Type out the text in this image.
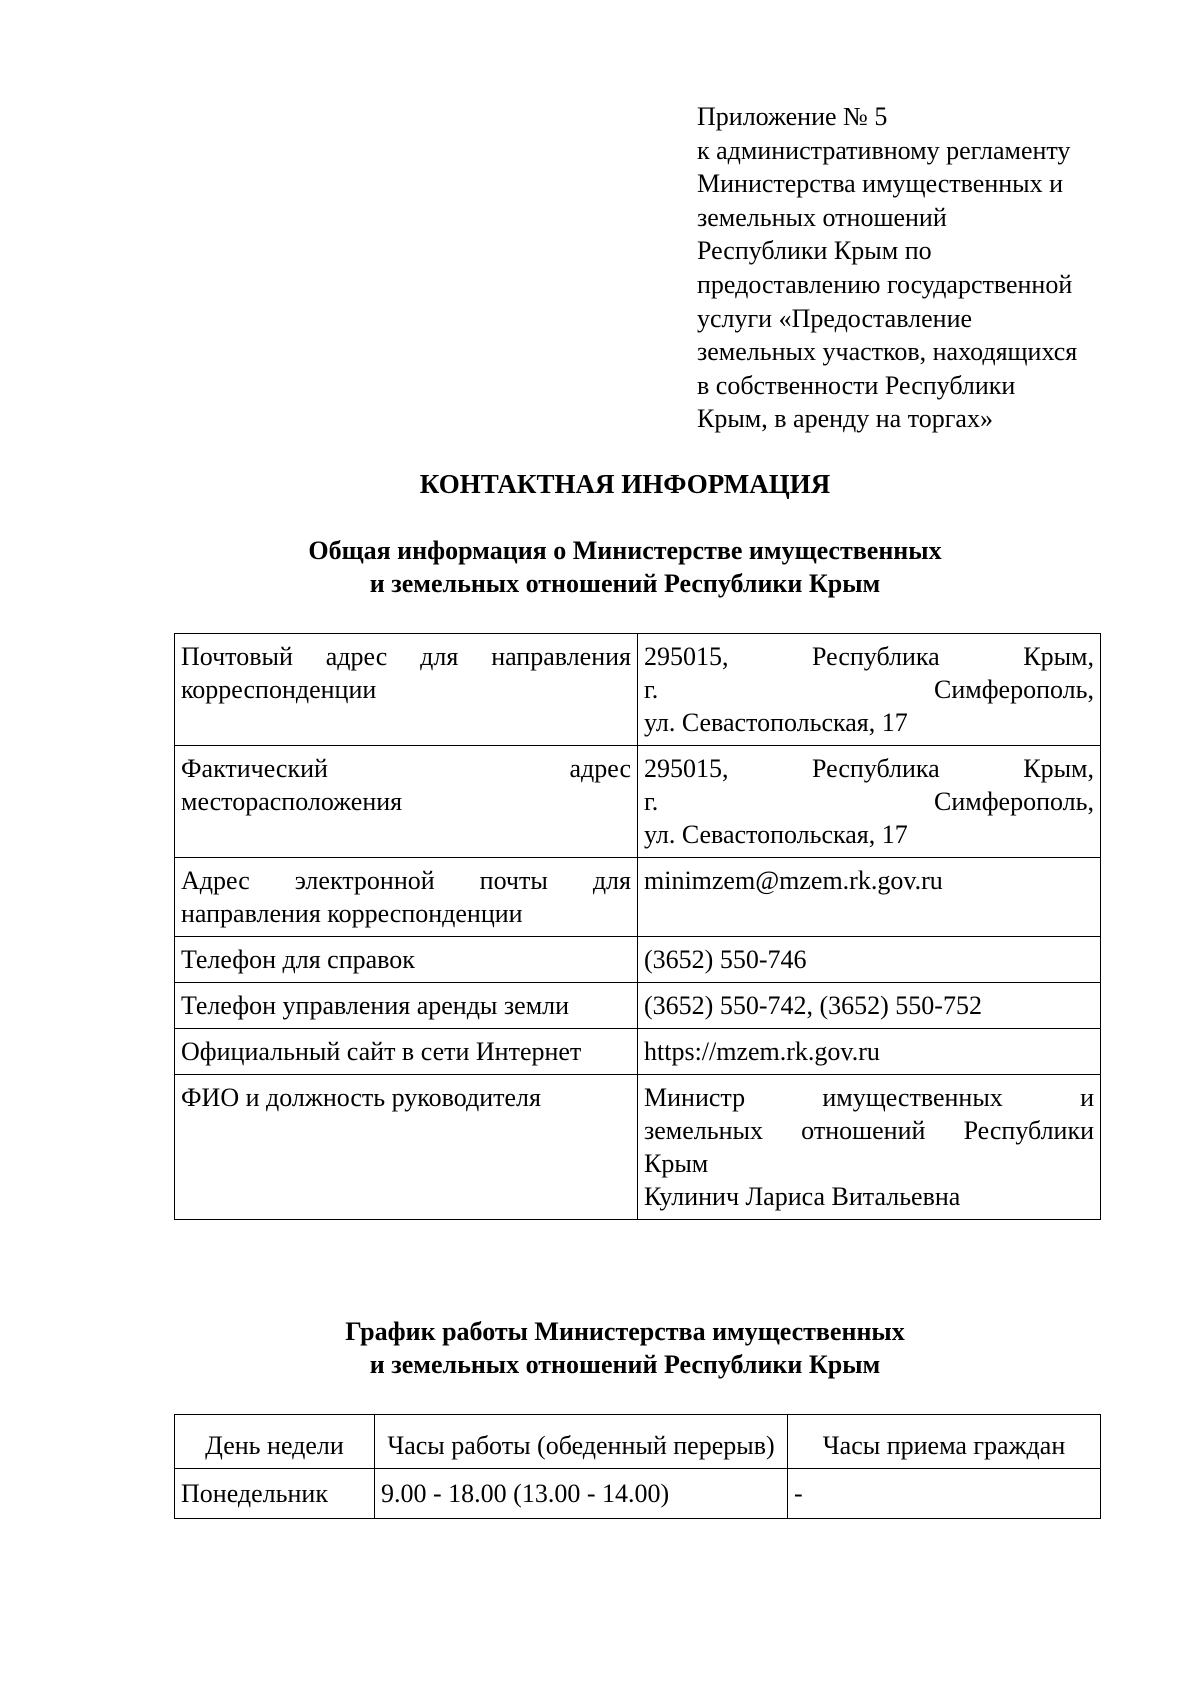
Приложение № 5
к административному регламенту
Министерства имущественных и
земельных отношений
Республики Крым по
предоставлению государственной
услуги «Предоставление
земельных участков, находящихся
в собственности Республики
Крым, в аренду на торгах»
КОНТАКТНАЯ ИНФОРМАЦИЯ
Общая информация о Министерстве имущественных
и земельных отношений Республики Крым
Почтовый адрес для направления
корреспонденции	295015, Республика Крым,
г. Симферополь,
ул. Севастопольская, 17

Фактический адрес
месторасположения	295015, Республика Крым,
г. Симферополь,
ул. Севастопольская, 17

Адрес электронной почты для
направления корреспонденции	minimzem@mzem.rk.gov.ru

Телефон для справок	(3652) 550-746

Телефон управления аренды земли	(3652) 550-742, (3652) 550-752

Официальный сайт в сети Интернет	https://mzem.rk.gov.ru

ФИО и должность руководителя	Министр имущественных и
земельных отношений Республики
Крым
Кулинич Лариса Витальевна
График работы Министерства имущественных
и земельных отношений Республики Крым
День недели	Часы работы (обеденный перерыв)	Часы приема граждан
Понедельник	9.00 - 18.00 (13.00 - 14.00)	-
